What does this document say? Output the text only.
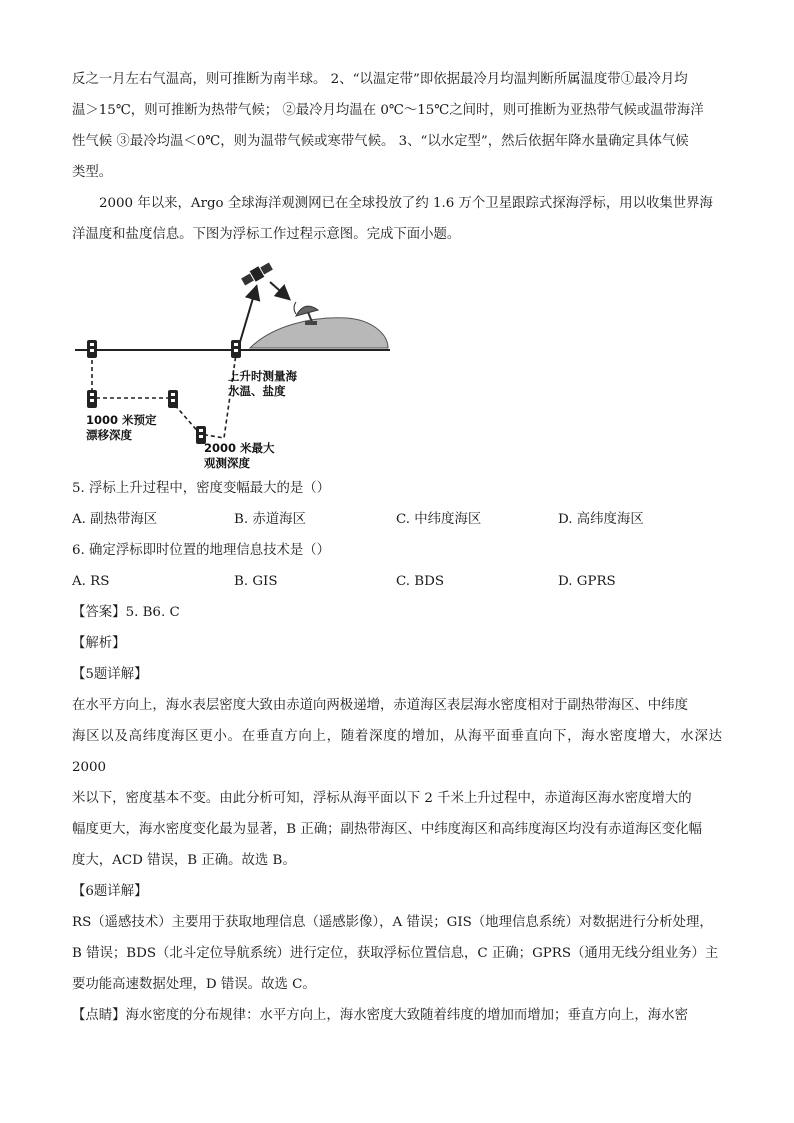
反之一月左右气温高，则可推断为南半球。 2、“以温定带”即依据最冷月均温判断所属温度带①最冷月均

温＞15℃，则可推断为热带气候； ②最冷月均温在 0℃～15℃之间时，则可推断为亚热带气候或温带海洋

性气候 ③最冷均温＜0℃，则为温带气候或寒带气候。 3、“以水定型”，然后依据年降水量确定具体气候

类型。

2000 年以来，Argo 全球海洋观测网已在全球投放了约 1.6 万个卫星跟踪式探海浮标，用以收集世界海

洋温度和盐度信息。下图为浮标工作过程示意图。完成下面小题。

1000 米预定
漂移深度
上升时测量海
水温、盐度
2000 米最大
观测深度

5. 浮标上升过程中，密度变幅最大的是（）

A. 副热带海区	B. 赤道海区	C. 中纬度海区	D. 高纬度海区

6. 确定浮标即时位置的地理信息技术是（）

A. RS	B. GIS	C. BDS	D. GPRS

【答案】5. B6. C

【解析】

【5题详解】

在水平方向上，海水表层密度大致由赤道向两极递增，赤道海区表层海水密度相对于副热带海区、中纬度

海区以及高纬度海区更小。在垂直方向上，随着深度的增加，从海平面垂直向下，海水密度增大，水深达 2000

米以下，密度基本不变。由此分析可知，浮标从海平面以下 2 千米上升过程中，赤道海区海水密度增大的

幅度更大，海水密度变化最为显著，B 正确；副热带海区、中纬度海区和高纬度海区均没有赤道海区变化幅

度大，ACD 错误，B 正确。故选 B。

【6题详解】

RS（遥感技术）主要用于获取地理信息（遥感影像），A 错误；GIS（地理信息系统）对数据进行分析处理，

B 错误；BDS（北斗定位导航系统）进行定位，获取浮标位置信息，C 正确；GPRS（通用无线分组业务）主

要功能高速数据处理，D 错误。故选 C。

【点睛】海水密度的分布规律：水平方向上，海水密度大致随着纬度的增加而增加；垂直方向上，海水密
